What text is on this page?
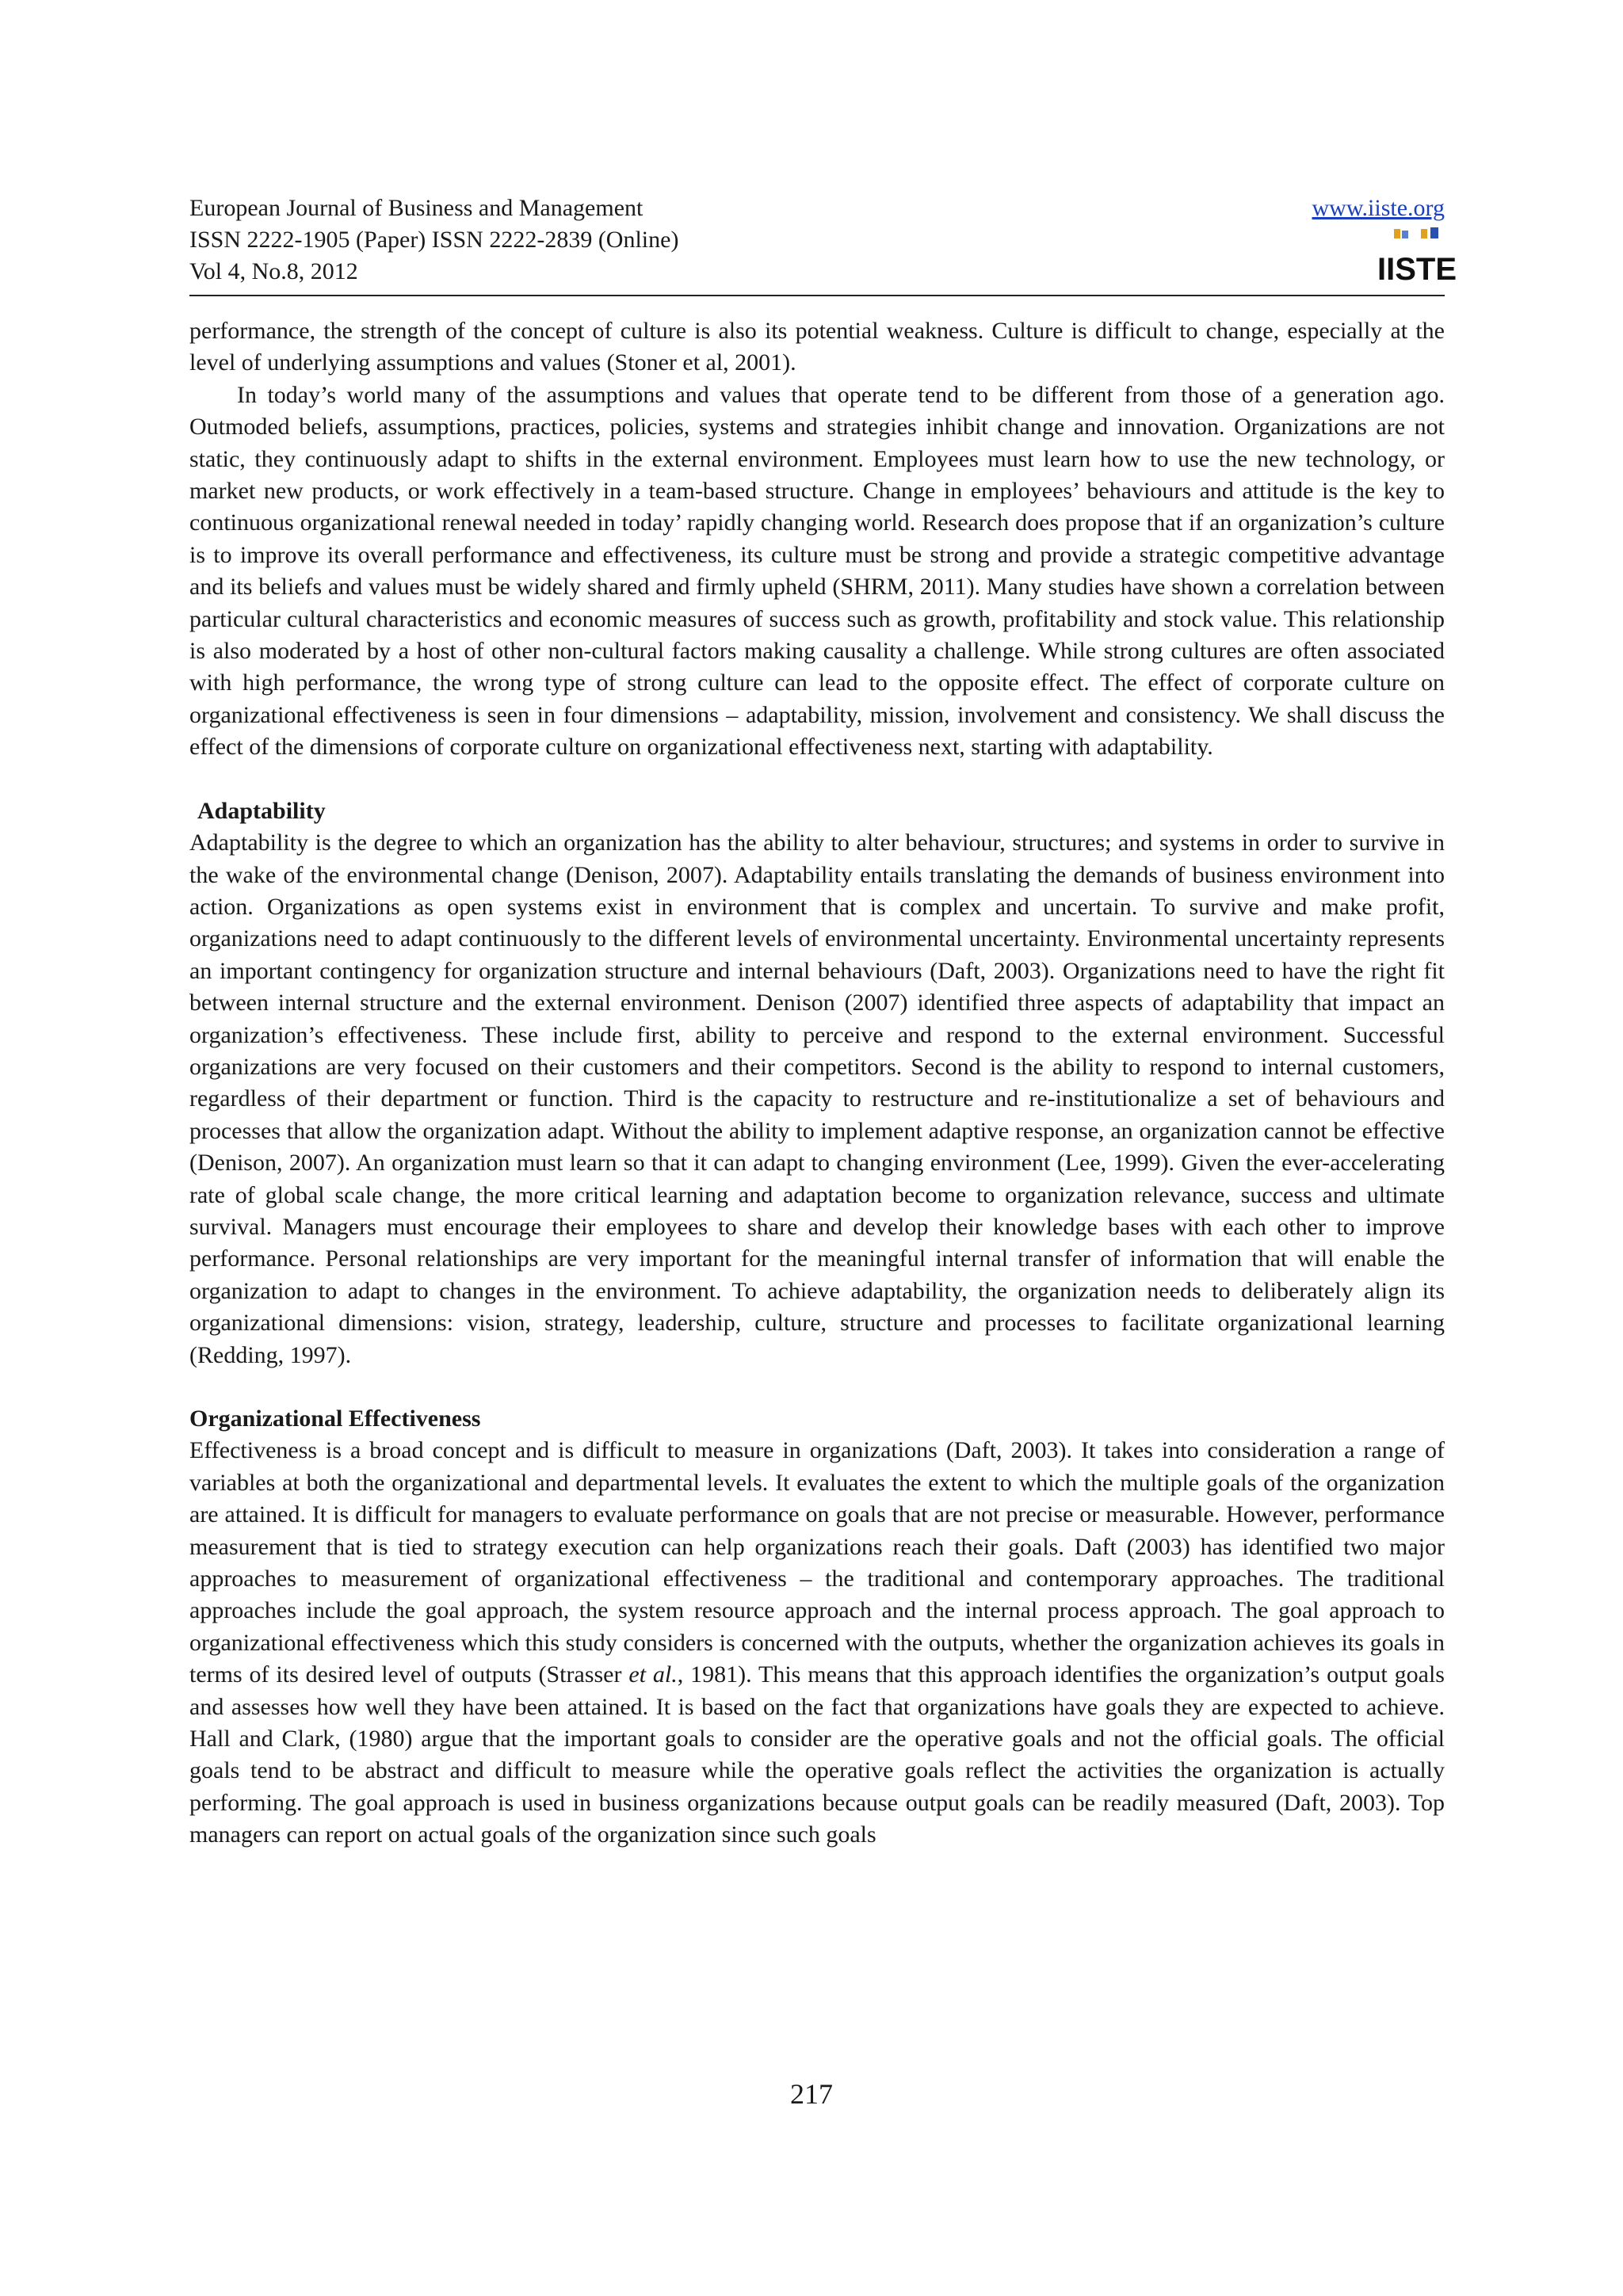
European Journal of Business and Management
ISSN 2222-1905 (Paper) ISSN 2222-2839 (Online)
Vol 4, No.8, 2012
www.iiste.org
IISTE

performance, the strength of the concept of culture is also its potential weakness. Culture is difficult to change, especially at the level of underlying assumptions and values (Stoner et al, 2001).

In today’s world many of the assumptions and values that operate tend to be different from those of a generation ago. Outmoded beliefs, assumptions, practices, policies, systems and strategies inhibit change and innovation. Organizations are not static, they continuously adapt to shifts in the external environment. Employees must learn how to use the new technology, or market new products, or work effectively in a team-based structure. Change in employees’ behaviours and attitude is the key to continuous organizational renewal needed in today’ rapidly changing world. Research does propose that if an organization’s culture is to improve its overall performance and effectiveness, its culture must be strong and provide a strategic competitive advantage and its beliefs and values must be widely shared and firmly upheld (SHRM, 2011). Many studies have shown a correlation between particular cultural characteristics and economic measures of success such as growth, profitability and stock value. This relationship is also moderated by a host of other non-cultural factors making causality a challenge. While strong cultures are often associated with high performance, the wrong type of strong culture can lead to the opposite effect. The effect of corporate culture on organizational effectiveness is seen in four dimensions – adaptability, mission, involvement and consistency. We shall discuss the effect of the dimensions of corporate culture on organizational effectiveness next, starting with adaptability.

Adaptability

Adaptability is the degree to which an organization has the ability to alter behaviour, structures; and systems in order to survive in the wake of the environmental change (Denison, 2007). Adaptability entails translating the demands of business environment into action. Organizations as open systems exist in environment that is complex and uncertain. To survive and make profit, organizations need to adapt continuously to the different levels of environmental uncertainty. Environmental uncertainty represents an important contingency for organization structure and internal behaviours (Daft, 2003). Organizations need to have the right fit between internal structure and the external environment. Denison (2007) identified three aspects of adaptability that impact an organization’s effectiveness. These include first, ability to perceive and respond to the external environment. Successful organizations are very focused on their customers and their competitors. Second is the ability to respond to internal customers, regardless of their department or function. Third is the capacity to restructure and re-institutionalize a set of behaviours and processes that allow the organization adapt. Without the ability to implement adaptive response, an organization cannot be effective (Denison, 2007). An organization must learn so that it can adapt to changing environment (Lee, 1999). Given the ever-accelerating rate of global scale change, the more critical learning and adaptation become to organization relevance, success and ultimate survival. Managers must encourage their employees to share and develop their knowledge bases with each other to improve performance. Personal relationships are very important for the meaningful internal transfer of information that will enable the organization to adapt to changes in the environment. To achieve adaptability, the organization needs to deliberately align its organizational dimensions: vision, strategy, leadership, culture, structure and processes to facilitate organizational learning (Redding, 1997).

Organizational Effectiveness

Effectiveness is a broad concept and is difficult to measure in organizations (Daft, 2003). It takes into consideration a range of variables at both the organizational and departmental levels. It evaluates the extent to which the multiple goals of the organization are attained. It is difficult for managers to evaluate performance on goals that are not precise or measurable. However, performance measurement that is tied to strategy execution can help organizations reach their goals. Daft (2003) has identified two major approaches to measurement of organizational effectiveness – the traditional and contemporary approaches. The traditional approaches include the goal approach, the system resource approach and the internal process approach. The goal approach to organizational effectiveness which this study considers is concerned with the outputs, whether the organization achieves its goals in terms of its desired level of outputs (Strasser et al., 1981). This means that this approach identifies the organization’s output goals and assesses how well they have been attained. It is based on the fact that organizations have goals they are expected to achieve. Hall and Clark, (1980) argue that the important goals to consider are the operative goals and not the official goals. The official goals tend to be abstract and difficult to measure while the operative goals reflect the activities the organization is actually performing. The goal approach is used in business organizations because output goals can be readily measured (Daft, 2003). Top managers can report on actual goals of the organization since such goals

217
